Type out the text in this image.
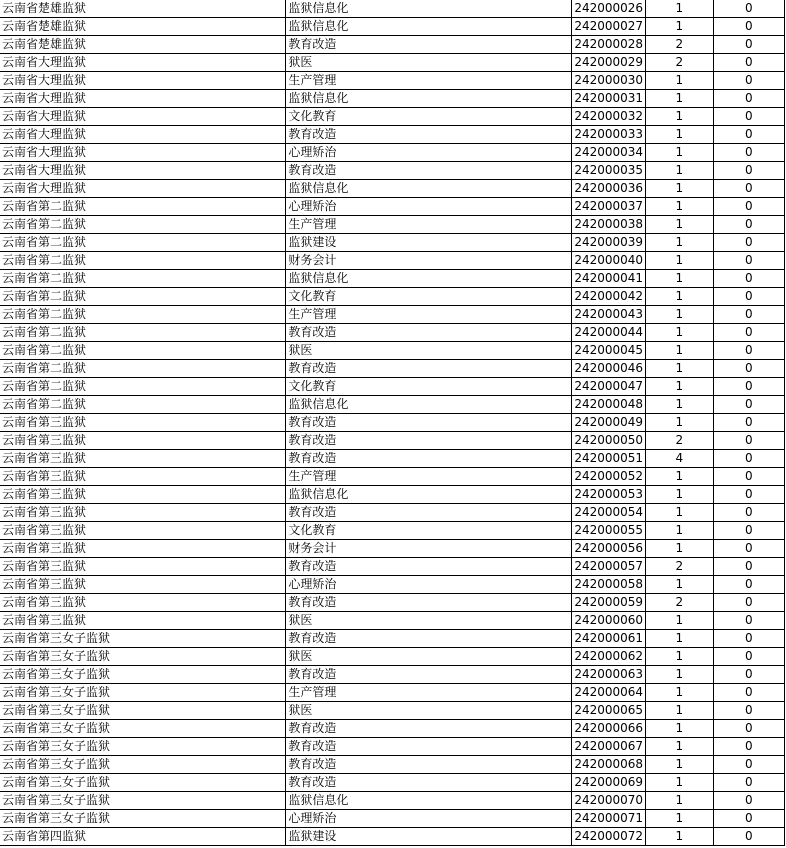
云南省楚雄监狱	监狱信息化	242000026	1	0
云南省楚雄监狱	监狱信息化	242000027	1	0
云南省楚雄监狱	教育改造	242000028	2	0
云南省大理监狱	狱医	242000029	2	0
云南省大理监狱	生产管理	242000030	1	0
云南省大理监狱	监狱信息化	242000031	1	0
云南省大理监狱	文化教育	242000032	1	0
云南省大理监狱	教育改造	242000033	1	0
云南省大理监狱	心理矫治	242000034	1	0
云南省大理监狱	教育改造	242000035	1	0
云南省大理监狱	监狱信息化	242000036	1	0
云南省第二监狱	心理矫治	242000037	1	0
云南省第二监狱	生产管理	242000038	1	0
云南省第二监狱	监狱建设	242000039	1	0
云南省第二监狱	财务会计	242000040	1	0
云南省第二监狱	监狱信息化	242000041	1	0
云南省第二监狱	文化教育	242000042	1	0
云南省第二监狱	生产管理	242000043	1	0
云南省第二监狱	教育改造	242000044	1	0
云南省第二监狱	狱医	242000045	1	0
云南省第二监狱	教育改造	242000046	1	0
云南省第二监狱	文化教育	242000047	1	0
云南省第二监狱	监狱信息化	242000048	1	0
云南省第三监狱	教育改造	242000049	1	0
云南省第三监狱	教育改造	242000050	2	0
云南省第三监狱	教育改造	242000051	4	0
云南省第三监狱	生产管理	242000052	1	0
云南省第三监狱	监狱信息化	242000053	1	0
云南省第三监狱	教育改造	242000054	1	0
云南省第三监狱	文化教育	242000055	1	0
云南省第三监狱	财务会计	242000056	1	0
云南省第三监狱	教育改造	242000057	2	0
云南省第三监狱	心理矫治	242000058	1	0
云南省第三监狱	教育改造	242000059	2	0
云南省第三监狱	狱医	242000060	1	0
云南省第三女子监狱	教育改造	242000061	1	0
云南省第三女子监狱	狱医	242000062	1	0
云南省第三女子监狱	教育改造	242000063	1	0
云南省第三女子监狱	生产管理	242000064	1	0
云南省第三女子监狱	狱医	242000065	1	0
云南省第三女子监狱	教育改造	242000066	1	0
云南省第三女子监狱	教育改造	242000067	1	0
云南省第三女子监狱	教育改造	242000068	1	0
云南省第三女子监狱	教育改造	242000069	1	0
云南省第三女子监狱	监狱信息化	242000070	1	0
云南省第三女子监狱	心理矫治	242000071	1	0
云南省第四监狱	监狱建设	242000072	1	0
